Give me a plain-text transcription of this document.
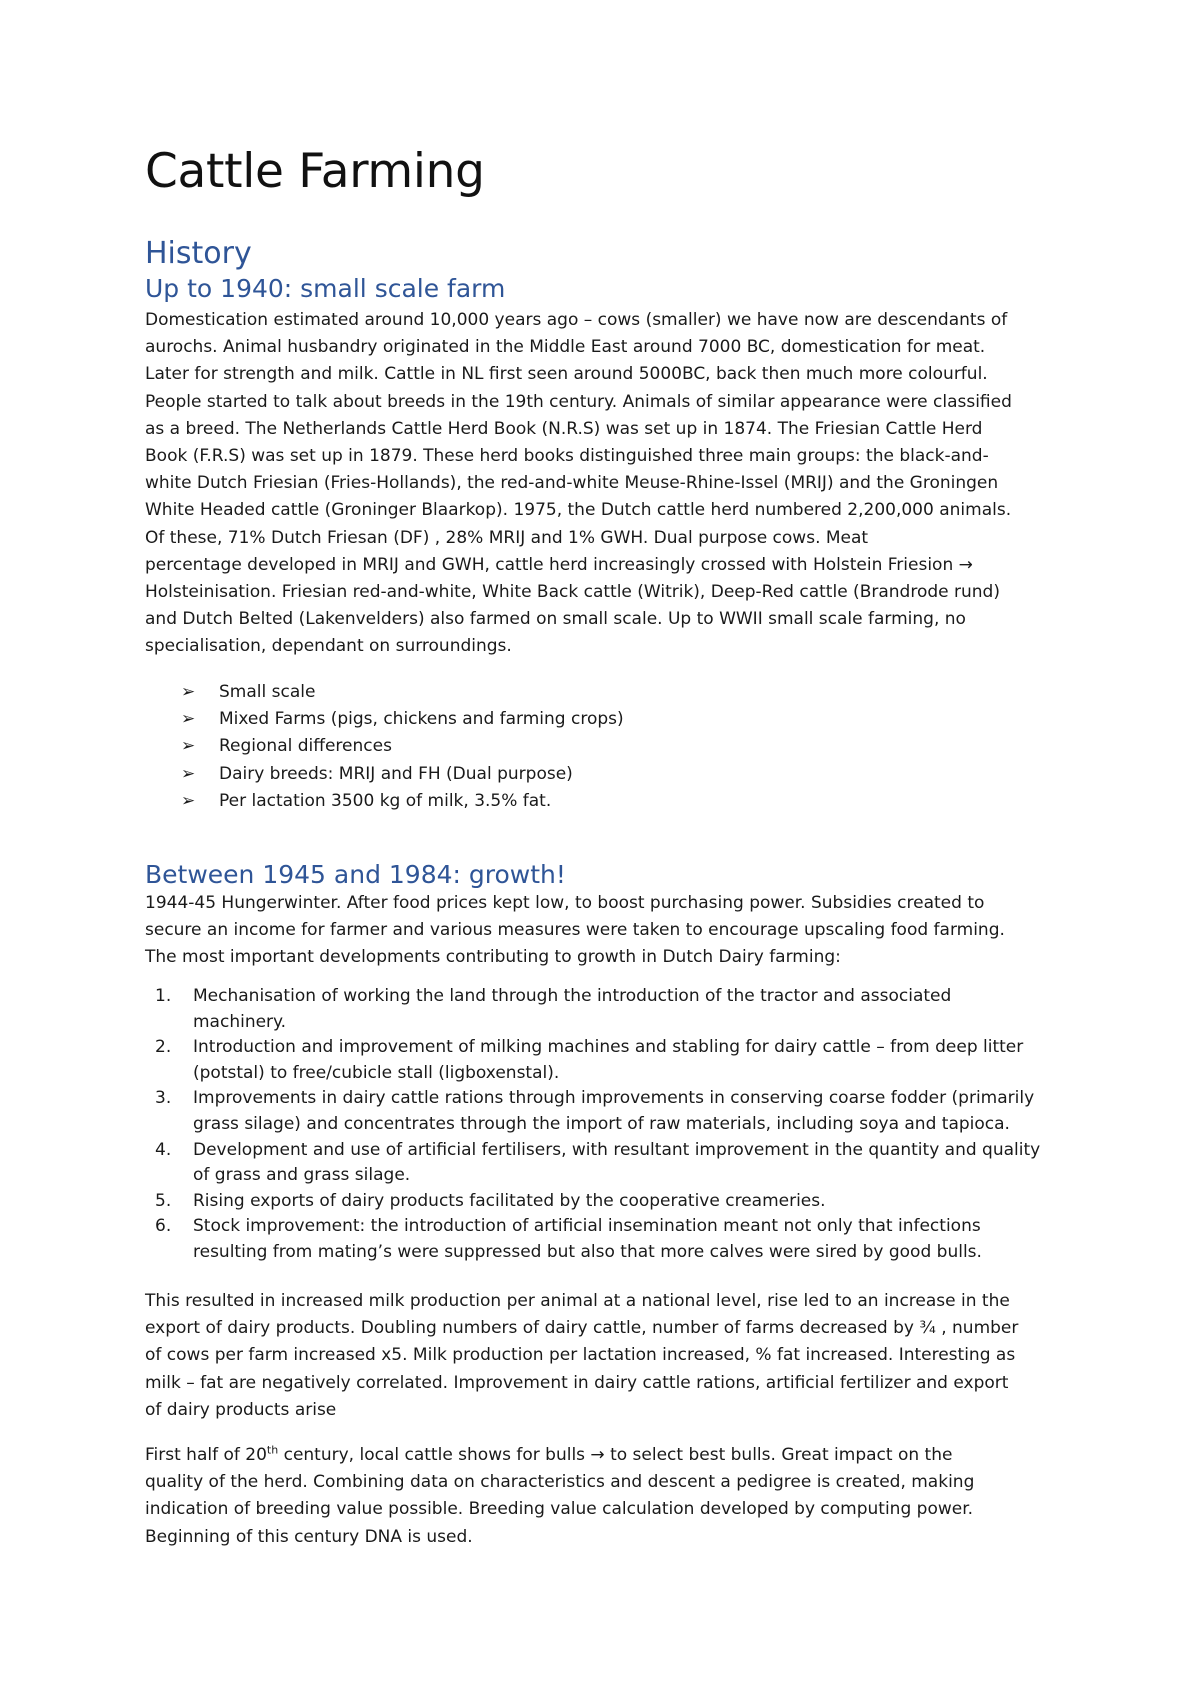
Cattle Farming
History
Up to 1940: small scale farm

Domestication estimated around 10,000 years ago – cows (smaller) we have now are descendants of
aurochs. Animal husbandry originated in the Middle East around 7000 BC, domestication for meat.
Later for strength and milk. Cattle in NL first seen around 5000BC, back then much more colourful.
People started to talk about breeds in the 19th century. Animals of similar appearance were classified
as a breed. The Netherlands Cattle Herd Book (N.R.S) was set up in 1874. The Friesian Cattle Herd
Book (F.R.S) was set up in 1879. These herd books distinguished three main groups: the black-and-
white Dutch Friesian (Fries-Hollands), the red-and-white Meuse-Rhine-Issel (MRIJ) and the Groningen
White Headed cattle (Groninger Blaarkop). 1975, the Dutch cattle herd numbered 2,200,000 animals.
Of these, 71% Dutch Friesan (DF) , 28% MRIJ and 1% GWH. Dual purpose cows. Meat
percentage developed in MRIJ and GWH, cattle herd increasingly crossed with Holstein Friesion →
Holsteinisation. Friesian red-and-white, White Back cattle (Witrik), Deep-Red cattle (Brandrode rund)
and Dutch Belted (Lakenvelders) also farmed on small scale. Up to WWII small scale farming, no
specialisation, dependant on surroundings.

➢ Small scale
➢ Mixed Farms (pigs, chickens and farming crops)
➢ Regional differences
➢ Dairy breeds: MRIJ and FH (Dual purpose)
➢ Per lactation 3500 kg of milk, 3.5% fat.
Between 1945 and 1984: growth!

1944-45 Hungerwinter. After food prices kept low, to boost purchasing power. Subsidies created to
secure an income for farmer and various measures were taken to encourage upscaling food farming.
The most important developments contributing to growth in Dutch Dairy farming:

1. Mechanisation of working the land through the introduction of the tractor and associated
machinery.
2. Introduction and improvement of milking machines and stabling for dairy cattle – from deep litter
(potstal) to free/cubicle stall (ligboxenstal).
3. Improvements in dairy cattle rations through improvements in conserving coarse fodder (primarily
grass silage) and concentrates through the import of raw materials, including soya and tapioca.
4. Development and use of artificial fertilisers, with resultant improvement in the quantity and quality
of grass and grass silage.
5. Rising exports of dairy products facilitated by the cooperative creameries.
6. Stock improvement: the introduction of artificial insemination meant not only that infections
resulting from mating’s were suppressed but also that more calves were sired by good bulls.

This resulted in increased milk production per animal at a national level, rise led to an increase in the
export of dairy products. Doubling numbers of dairy cattle, number of farms decreased by ¾ , number
of cows per farm increased x5. Milk production per lactation increased, % fat increased. Interesting as
milk – fat are negatively correlated. Improvement in dairy cattle rations, artificial fertilizer and export
of dairy products arise

First half of 20th century, local cattle shows for bulls → to select best bulls. Great impact on the
quality of the herd. Combining data on characteristics and descent a pedigree is created, making
indication of breeding value possible. Breeding value calculation developed by computing power.
Beginning of this century DNA is used.
